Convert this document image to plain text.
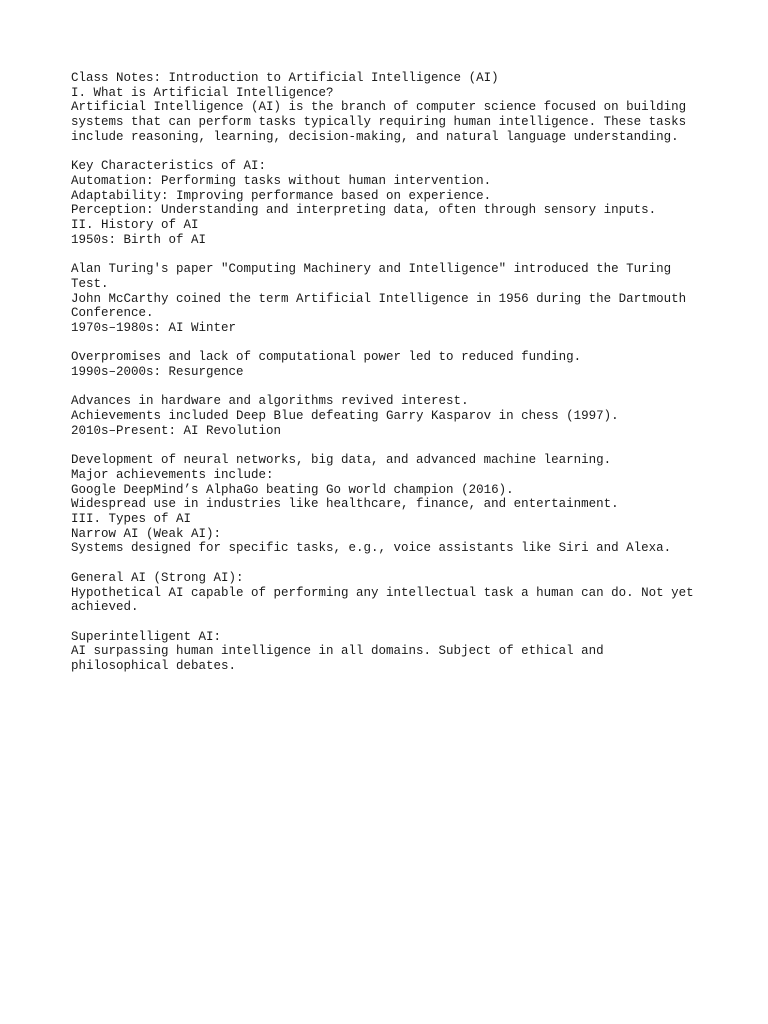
Class Notes: Introduction to Artificial Intelligence (AI)
I. What is Artificial Intelligence?
Artificial Intelligence (AI) is the branch of computer science focused on building
systems that can perform tasks typically requiring human intelligence. These tasks
include reasoning, learning, decision-making, and natural language understanding.
Key Characteristics of AI:
Automation: Performing tasks without human intervention.
Adaptability: Improving performance based on experience.
Perception: Understanding and interpreting data, often through sensory inputs.
II. History of AI
1950s: Birth of AI
Alan Turing's paper "Computing Machinery and Intelligence" introduced the Turing
Test.
John McCarthy coined the term Artificial Intelligence in 1956 during the Dartmouth
Conference.
1970s–1980s: AI Winter
Overpromises and lack of computational power led to reduced funding.
1990s–2000s: Resurgence
Advances in hardware and algorithms revived interest.
Achievements included Deep Blue defeating Garry Kasparov in chess (1997).
2010s–Present: AI Revolution
Development of neural networks, big data, and advanced machine learning.
Major achievements include:
Google DeepMind’s AlphaGo beating Go world champion (2016).
Widespread use in industries like healthcare, finance, and entertainment.
III. Types of AI
Narrow AI (Weak AI):
Systems designed for specific tasks, e.g., voice assistants like Siri and Alexa.
General AI (Strong AI):
Hypothetical AI capable of performing any intellectual task a human can do. Not yet
achieved.
Superintelligent AI:
AI surpassing human intelligence in all domains. Subject of ethical and
philosophical debates.
